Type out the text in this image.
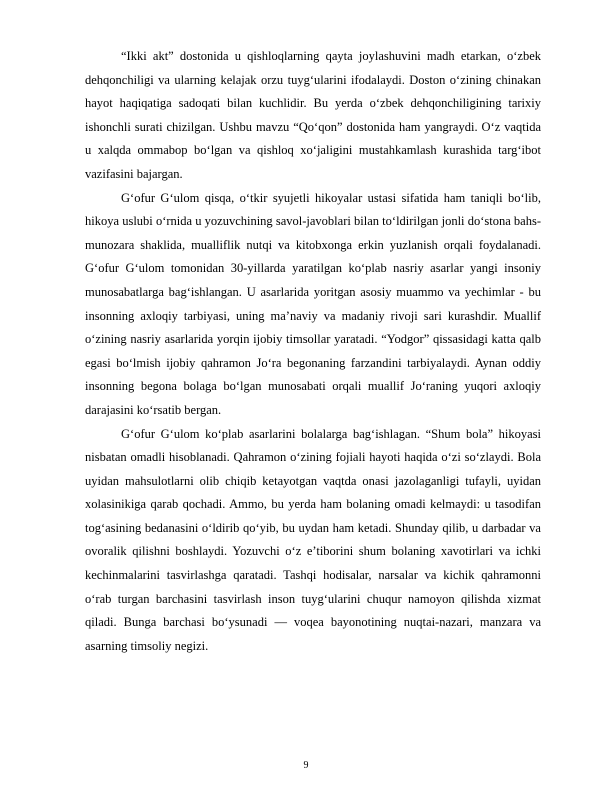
“Ikki akt” dostonida u qishloqlarning qayta joylashuvini madh etarkan, o‘zbek dehqonchiligi va ularning kelajak orzu tuyg‘ularini ifodalaydi. Doston o‘zining chinakan hayot haqiqatiga sadoqati bilan kuchlidir. Bu yerda o‘zbek dehqonchiligining tarixiy ishonchli surati chizilgan. Ushbu mavzu “Qo‘qon” dostonida ham yangraydi. O‘z vaqtida u xalqda ommabop bo‘lgan va qishloq xo‘jaligini mustahkamlash kurashida targ‘ibot vazifasini bajargan.

G‘ofur G‘ulom qisqa, o‘tkir syujetli hikoyalar ustasi sifatida ham taniqli bo‘lib, hikoya uslubi o‘rnida u yozuvchining savol-javoblari bilan to‘ldirilgan jonli do‘stona bahs-munozara shaklida, mualliflik nutqi va kitobxonga erkin yuzlanish orqali foydalanadi. G‘ofur G‘ulom tomonidan 30-yillarda yaratilgan ko‘plab nasriy asarlar yangi insoniy munosabatlarga bag‘ishlangan. U asarlarida yoritgan asosiy muammo va yechimlar - bu insonning axloqiy tarbiyasi, uning ma’naviy va madaniy rivoji sari kurashdir. Muallif o‘zining nasriy asarlarida yorqin ijobiy timsollar yaratadi. “Yodgor” qissasidagi katta qalb egasi bo‘lmish ijobiy qahramon Jo‘ra begonaning farzandini tarbiyalaydi. Aynan oddiy insonning begona bolaga bo‘lgan munosabati orqali muallif Jo‘raning yuqori axloqiy darajasini ko‘rsatib bergan.

G‘ofur G‘ulom ko‘plab asarlarini bolalarga bag‘ishlagan. “Shum bola” hikoyasi nisbatan omadli hisoblanadi. Qahramon o‘zining fojiali hayoti haqida o‘zi so‘zlaydi. Bola uyidan mahsulotlarni olib chiqib ketayotgan vaqtda onasi jazolaganligi tufayli, uyidan xolasinikiga qarab qochadi. Ammo, bu yerda ham bolaning omadi kelmaydi: u tasodifan tog‘asining bedanasini o‘ldirib qo‘yib, bu uydan ham ketadi. Shunday qilib, u darbadar va ovoralik qilishni boshlaydi. Yozuvchi o‘z e’tiborini shum bolaning xavotirlari va ichki kechinmalarini tasvirlashga qaratadi. Tashqi hodisalar, narsalar va kichik qahramonni o‘rab turgan barchasini tasvirlash inson tuyg‘ularini chuqur namoyon qilishda xizmat qiladi. Bunga barchasi bo‘ysunadi — voqea bayonotining nuqtai-nazari, manzara va asarning timsoliy negizi.

9
